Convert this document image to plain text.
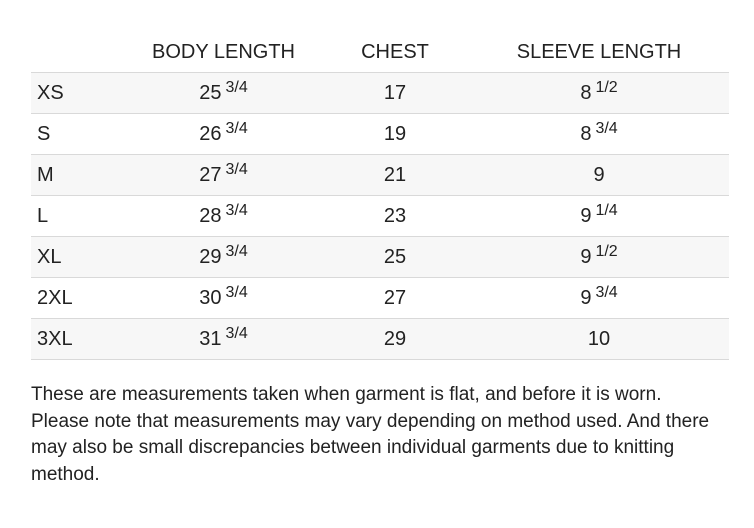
	BODY LENGTH	CHEST	SLEEVE LENGTH
XS	25 $^{3/4}$	17	8 $^{1/2}$
S	26 $^{3/4}$	19	8 $^{3/4}$
M	27 $^{3/4}$	21	9
L	28 $^{3/4}$	23	9 $^{1/4}$
XL	29 $^{3/4}$	25	9 $^{1/2}$
2XL	30 $^{3/4}$	27	9 $^{3/4}$
3XL	31 $^{3/4}$	29	10

These are measurements taken when garment is flat, and before it is worn. Please note that measurements may vary depending on method used. And there may also be small discrepancies between individual garments due to knitting method.
